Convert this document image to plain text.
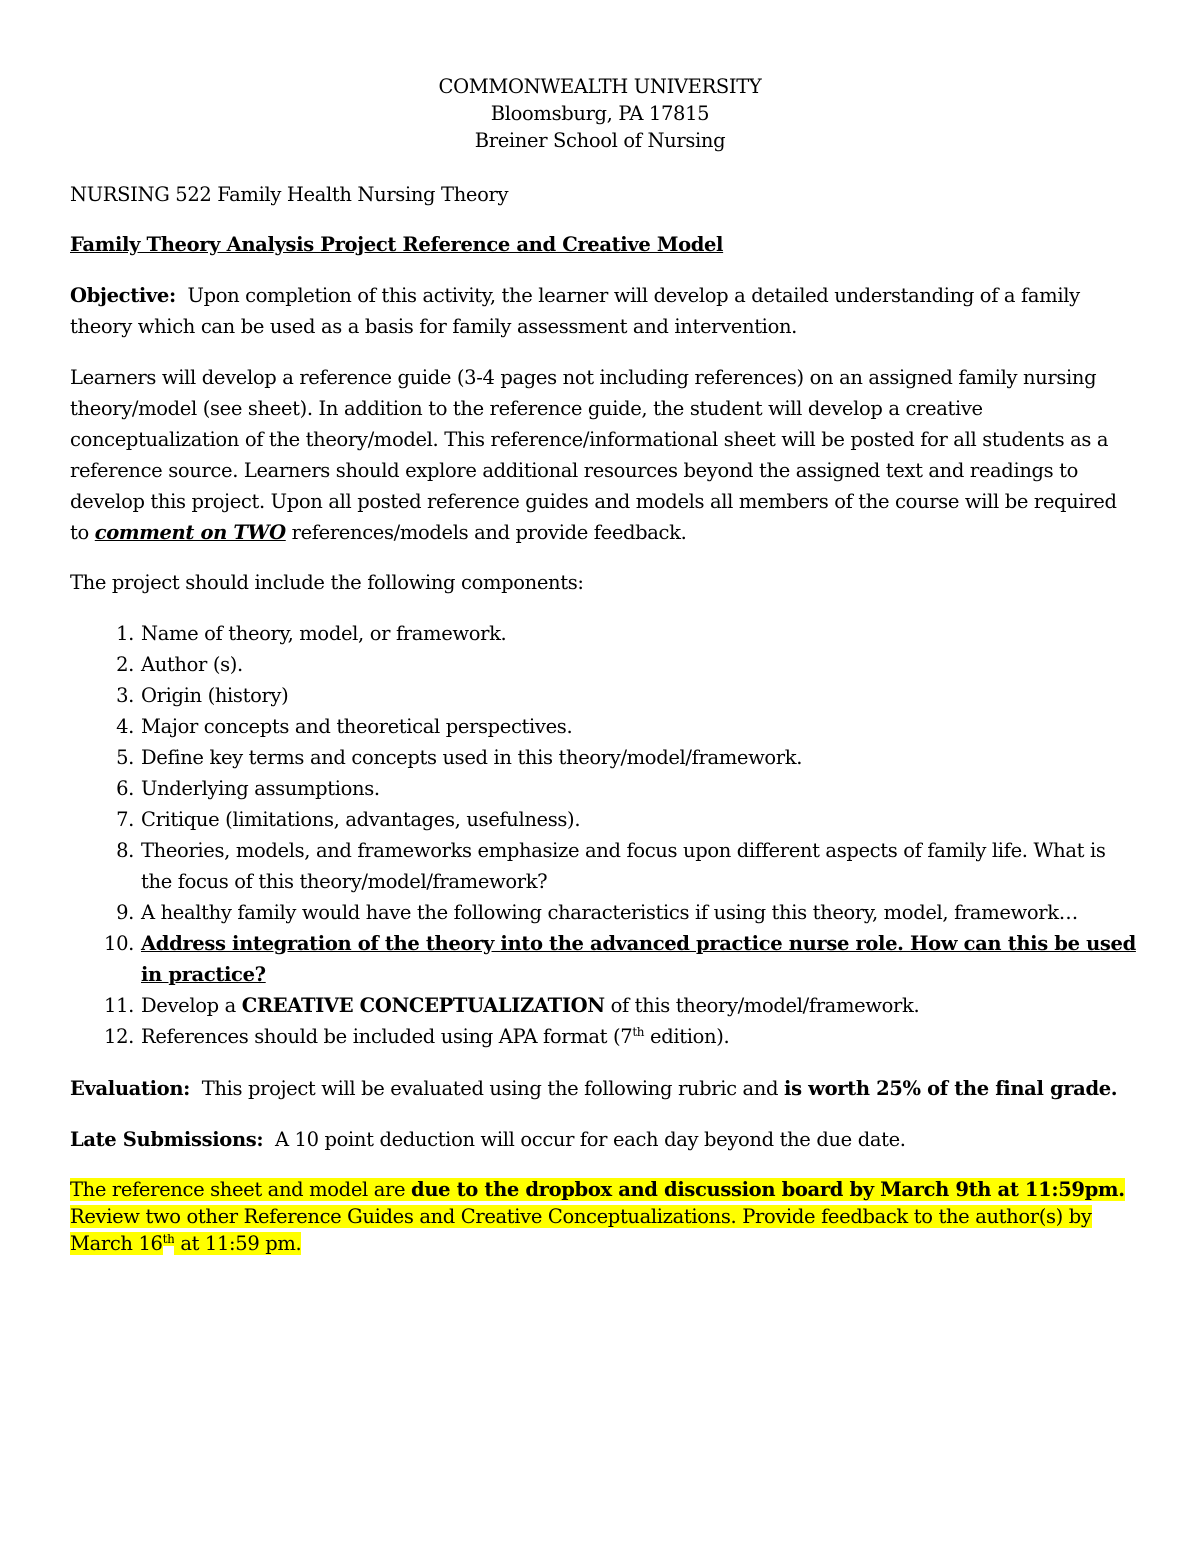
COMMONWEALTH UNIVERSITY
Bloomsburg, PA 17815
Breiner School of Nursing
NURSING 522 Family Health Nursing Theory
Family Theory Analysis Project Reference and Creative Model
Objective: Upon completion of this activity, the learner will develop a detailed understanding of a family theory which can be used as a basis for family assessment and intervention.
Learners will develop a reference guide (3-4 pages not including references) on an assigned family nursing theory/model (see sheet). In addition to the reference guide, the student will develop a creative conceptualization of the theory/model. This reference/informational sheet will be posted for all students as a reference source. Learners should explore additional resources beyond the assigned text and readings to develop this project. Upon all posted reference guides and models all members of the course will be required to comment on TWO references/models and provide feedback.
The project should include the following components:
1. Name of theory, model, or framework.
2. Author (s).
3. Origin (history)
4. Major concepts and theoretical perspectives.
5. Define key terms and concepts used in this theory/model/framework.
6. Underlying assumptions.
7. Critique (limitations, advantages, usefulness).
8. Theories, models, and frameworks emphasize and focus upon different aspects of family life. What is the focus of this theory/model/framework?
9. A healthy family would have the following characteristics if using this theory, model, framework…
10. Address integration of the theory into the advanced practice nurse role. How can this be used in practice?
11. Develop a CREATIVE CONCEPTUALIZATION of this theory/model/framework.
12. References should be included using APA format (7th edition).
Evaluation: This project will be evaluated using the following rubric and is worth 25% of the final grade.
Late Submissions: A 10 point deduction will occur for each day beyond the due date.
The reference sheet and model are due to the dropbox and discussion board by March 9th at 11:59pm.
Review two other Reference Guides and Creative Conceptualizations. Provide feedback to the author(s) by March 16th at 11:59 pm.
